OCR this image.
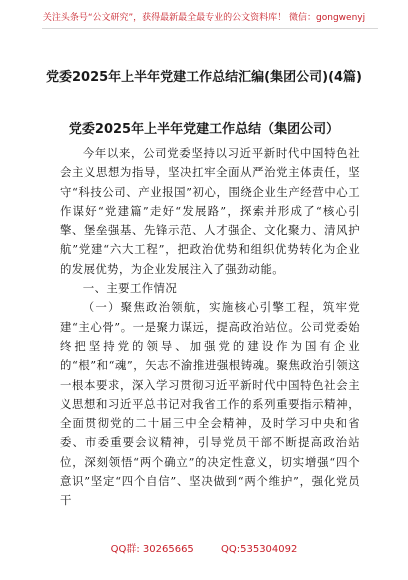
关注头条号“公文研究”，获得最新最全最专业的公文资料库！ 微信：gongwenyj
党委2025年上半年党建工作总结汇编(集团公司)(4篇)
党委2025年上半年党建工作总结（集团公司）

今年以来，公司党委坚持以习近平新时代中国特色社会主义思想为指导，坚决扛牢全面从严治党主体责任，坚守“科技公司、产业报国”初心，围绕企业生产经营中心工作谋好“党建篇”走好“发展路”，探索并形成了“核心引擎、堡垒强基、先锋示范、人才强企、文化聚力、清风护航”党建“六大工程”，把政治优势和组织优势转化为企业的发展优势，为企业发展注入了强劲动能。

一、主要工作情况

（一）聚焦政治领航，实施核心引擎工程，筑牢党建“主心骨”。一是聚力谋远，提高政治站位。公司党委始终把坚持党的领导、加强党的建设作为国有企业的“根”和“魂”，矢志不渝推进强根铸魂。聚焦政治引领这一根本要求，深入学习贯彻习近平新时代中国特色社会主义思想和习近平总书记对我省工作的系列重要指示精神，全面贯彻党的二十届三中全会精神，及时学习中央和省委、市委重要会议精神，引导党员干部不断提高政治站位，深刻领悟“两个确立”的决定性意义，切实增强“四个意识”坚定“四个自信”、坚决做到“两个维护”，强化党员干

QQ群: 30265665	QQ:535304092
